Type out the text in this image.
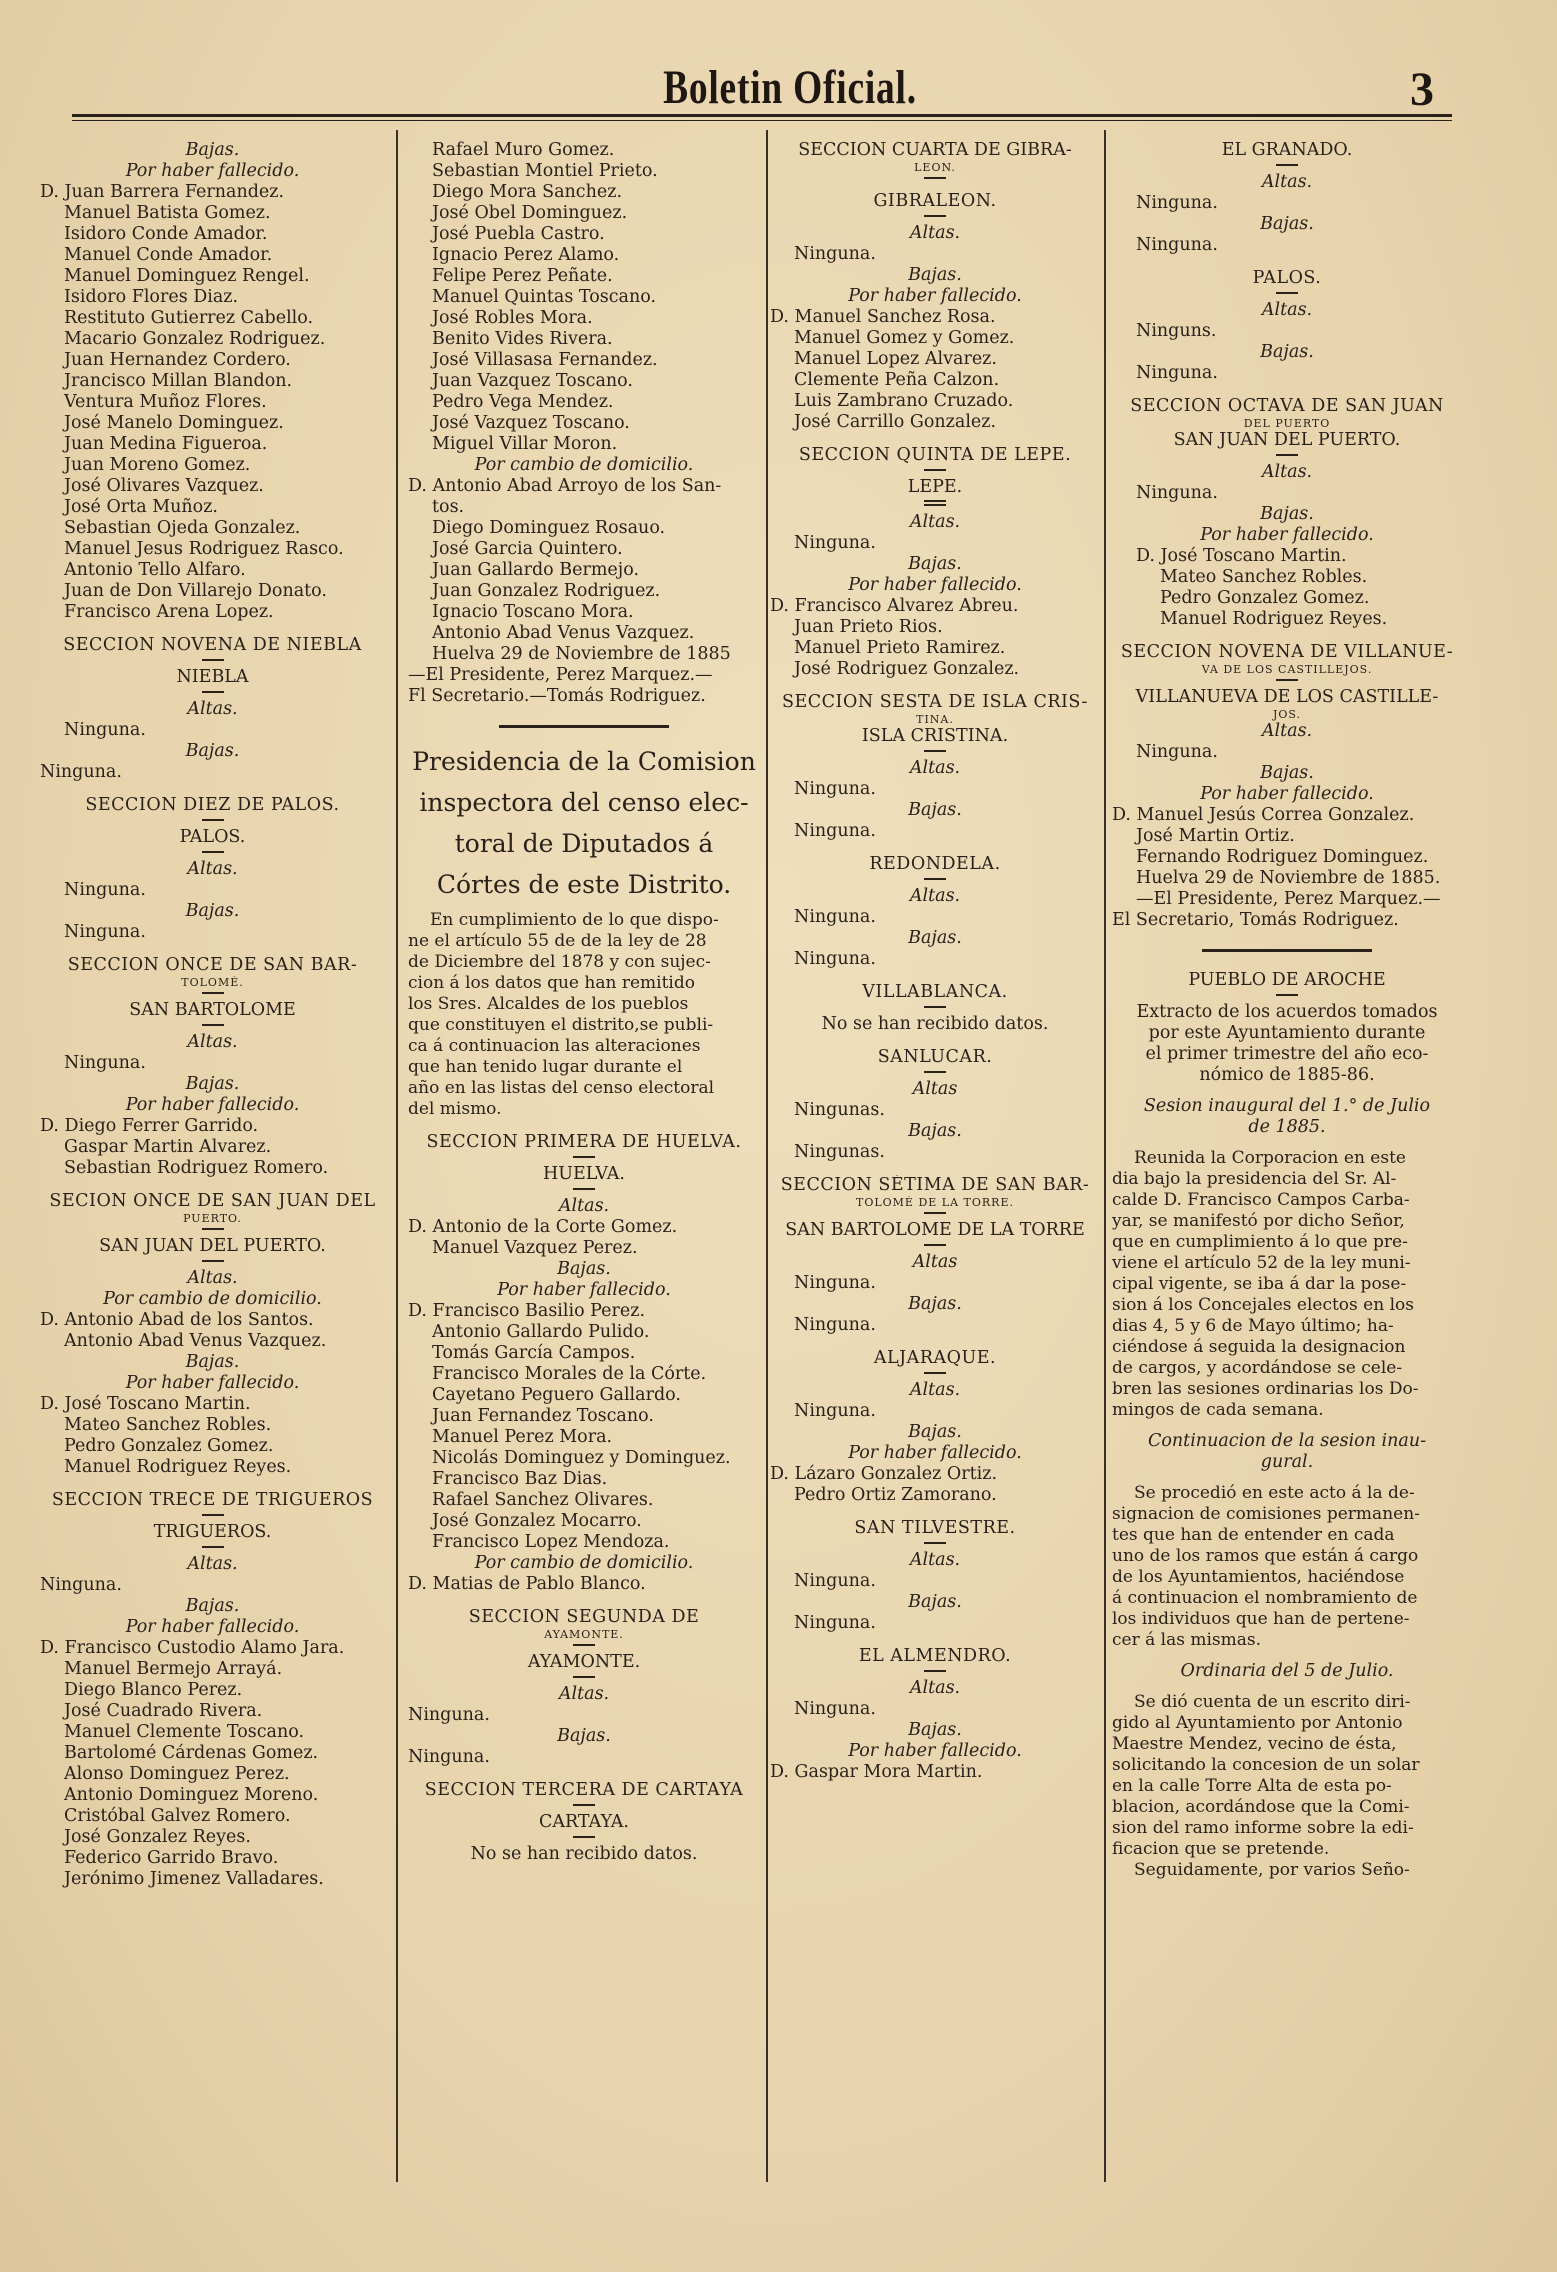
Boletin Oficial.	3
Bajas.
Por haber fallecido.
D. Juan Barrera Fernandez.
Manuel Batista Gomez.
Isidoro Conde Amador.
Manuel Conde Amador.
Manuel Dominguez Rengel.
Isidoro Flores Diaz.
Restituto Gutierrez Cabello.
Macario Gonzalez Rodriguez.
Juan Hernandez Cordero.
Jrancisco Millan Blandon.
Ventura Muñoz Flores.
José Manelo Dominguez.
Juan Medina Figueroa.
Juan Moreno Gomez.
José Olivares Vazquez.
José Orta Muñoz.
Sebastian Ojeda Gonzalez.
Manuel Jesus Rodriguez Rasco.
Antonio Tello Alfaro.
Juan de Don Villarejo Donato.
Francisco Arena Lopez.
SECCION NOVENA DE NIEBLA
NIEBLA
Altas.
Ninguna.
Bajas.
Ninguna.
SECCION DIEZ DE PALOS.
PALOS.
Altas.
Ninguna.
Bajas.
Ninguna.
SECCION ONCE DE SAN BAR-
TOLOMÉ.
SAN BARTOLOME
Altas.
Ninguna.
Bajas.
Por haber fallecido.
D. Diego Ferrer Garrido.
Gaspar Martin Alvarez.
Sebastian Rodriguez Romero.
SECION ONCE DE SAN JUAN DEL
PUERTO.
SAN JUAN DEL PUERTO.
Altas.
Por cambio de domicilio.
D. Antonio Abad de los Santos.
Antonio Abad Venus Vazquez.
Bajas.
Por haber fallecido.
D. José Toscano Martin.
Mateo Sanchez Robles.
Pedro Gonzalez Gomez.
Manuel Rodriguez Reyes.
SECCION TRECE DE TRIGUEROS
TRIGUEROS.
Altas.
Ninguna.
Bajas.
Por haber fallecido.
D. Francisco Custodio Alamo Jara.
Manuel Bermejo Arrayá.
Diego Blanco Perez.
José Cuadrado Rivera.
Manuel Clemente Toscano.
Bartolomé Cárdenas Gomez.
Alonso Dominguez Perez.
Antonio Dominguez Moreno.
Cristóbal Galvez Romero.
José Gonzalez Reyes.
Federico Garrido Bravo.
Jerónimo Jimenez Valladares.
Rafael Muro Gomez.
Sebastian Montiel Prieto.
Diego Mora Sanchez.
José Obel Dominguez.
José Puebla Castro.
Ignacio Perez Alamo.
Felipe Perez Peñate.
Manuel Quintas Toscano.
José Robles Mora.
Benito Vides Rivera.
José Villasasa Fernandez.
Juan Vazquez Toscano.
Pedro Vega Mendez.
José Vazquez Toscano.
Miguel Villar Moron.
Por cambio de domicilio.
D. Antonio Abad Arroyo de los San-
tos.
Diego Dominguez Rosauo.
José Garcia Quintero.
Juan Gallardo Bermejo.
Juan Gonzalez Rodriguez.
Ignacio Toscano Mora.
Antonio Abad Venus Vazquez.
Huelva 29 de Noviembre de 1885
—El Presidente, Perez Marquez.—
Fl Secretario.—Tomás Rodriguez.
Presidencia de la Comision
inspectora del censo elec-
toral de Diputados á
Córtes de este Distrito.
En cumplimiento de lo que dispo-
ne el artículo 55 de de la ley de 28
de Diciembre del 1878 y con sujec-
cion á los datos que han remitido
los Sres. Alcaldes de los pueblos
que constituyen el distrito,se publi-
ca á continuacion las alteraciones
que han tenido lugar durante el
año en las listas del censo electoral
del mismo.
SECCION PRIMERA DE HUELVA.
HUELVA.
Altas.
D. Antonio de la Corte Gomez.
Manuel Vazquez Perez.
Bajas.
Por haber fallecido.
D. Francisco Basilio Perez.
Antonio Gallardo Pulido.
Tomás García Campos.
Francisco Morales de la Córte.
Cayetano Peguero Gallardo.
Juan Fernandez Toscano.
Manuel Perez Mora.
Nicolás Dominguez y Dominguez.
Francisco Baz Dias.
Rafael Sanchez Olivares.
José Gonzalez Mocarro.
Francisco Lopez Mendoza.
Por cambio de domicilio.
D. Matias de Pablo Blanco.
SECCION SEGUNDA DE
AYAMONTE.
AYAMONTE.
Altas.
Ninguna.
Bajas.
Ninguna.
SECCION TERCERA DE CARTAYA
CARTAYA.
No se han recibido datos.
SECCION CUARTA DE GIBRA-
LEON.
GIBRALEON.
Altas.
Ninguna.
Bajas.
Por haber fallecido.
D. Manuel Sanchez Rosa.
Manuel Gomez y Gomez.
Manuel Lopez Alvarez.
Clemente Peña Calzon.
Luis Zambrano Cruzado.
José Carrillo Gonzalez.
SECCION QUINTA DE LEPE.
LEPE.
Altas.
Ninguna.
Bajas.
Por haber fallecido.
D. Francisco Alvarez Abreu.
Juan Prieto Rios.
Manuel Prieto Ramirez.
José Rodriguez Gonzalez.
SECCION SESTA DE ISLA CRIS-
TINA.
ISLA CRISTINA.
Altas.
Ninguna.
Bajas.
Ninguna.
REDONDELA.
Altas.
Ninguna.
Bajas.
Ninguna.
VILLABLANCA.
No se han recibido datos.
SANLUCAR.
Altas
Ningunas.
Bajas.
Ningunas.
SECCION SÉTIMA DE SAN BAR-
TOLOMÉ DE LA TORRE.
SAN BARTOLOME DE LA TORRE
Altas
Ninguna.
Bajas.
Ninguna.
ALJARAQUE.
Altas.
Ninguna.
Bajas.
Por haber fallecido.
D. Lázaro Gonzalez Ortiz.
Pedro Ortiz Zamorano.
SAN TILVESTRE.
Altas.
Ninguna.
Bajas.
Ninguna.
EL ALMENDRO.
Altas.
Ninguna.
Bajas.
Por haber fallecido.
D. Gaspar Mora Martin.
EL GRANADO.
Altas.
Ninguna.
Bajas.
Ninguna.
PALOS.
Altas.
Ninguns.
Bajas.
Ninguna.
SECCION OCTAVA DE SAN JUAN
DEL PUERTO
SAN JUAN DEL PUERTO.
Altas.
Ninguna.
Bajas.
Por haber fallecido.
D. José Toscano Martin.
Mateo Sanchez Robles.
Pedro Gonzalez Gomez.
Manuel Rodriguez Reyes.
SECCION NOVENA DE VILLANUE-
VA DE LOS CASTILLEJOS.
VILLANUEVA DE LOS CASTILLE-
JOS.
Altas.
Ninguna.
Bajas.
Por haber fallecido.
D. Manuel Jesús Correa Gonzalez.
José Martin Ortiz.
Fernando Rodriguez Dominguez.
Huelva 29 de Noviembre de 1885.
—El Presidente, Perez Marquez.—
El Secretario, Tomás Rodriguez.
PUEBLO DE AROCHE
Extracto de los acuerdos tomados
por este Ayuntamiento durante
el primer trimestre del año eco-
nómico de 1885-86.
Sesion inaugural del 1.° de Julio
de 1885.
Reunida la Corporacion en este
dia bajo la presidencia del Sr. Al-
calde D. Francisco Campos Carba-
yar, se manifestó por dicho Señor,
que en cumplimiento á lo que pre-
viene el artículo 52 de la ley muni-
cipal vigente, se iba á dar la pose-
sion á los Concejales electos en los
dias 4, 5 y 6 de Mayo último; ha-
ciéndose á seguida la designacion
de cargos, y acordándose se cele-
bren las sesiones ordinarias los Do-
mingos de cada semana.
Continuacion de la sesion inau-
gural.
Se procedió en este acto á la de-
signacion de comisiones permanen-
tes que han de entender en cada
uno de los ramos que están á cargo
de los Ayuntamientos, haciéndose
á continuacion el nombramiento de
los individuos que han de pertene-
cer á las mismas.
Ordinaria del 5 de Julio.
Se dió cuenta de un escrito diri-
gido al Ayuntamiento por Antonio
Maestre Mendez, vecino de ésta,
solicitando la concesion de un solar
en la calle Torre Alta de esta po-
blacion, acordándose que la Comi-
sion del ramo informe sobre la edi-
ficacion que se pretende.
Seguidamente, por varios Seño-
